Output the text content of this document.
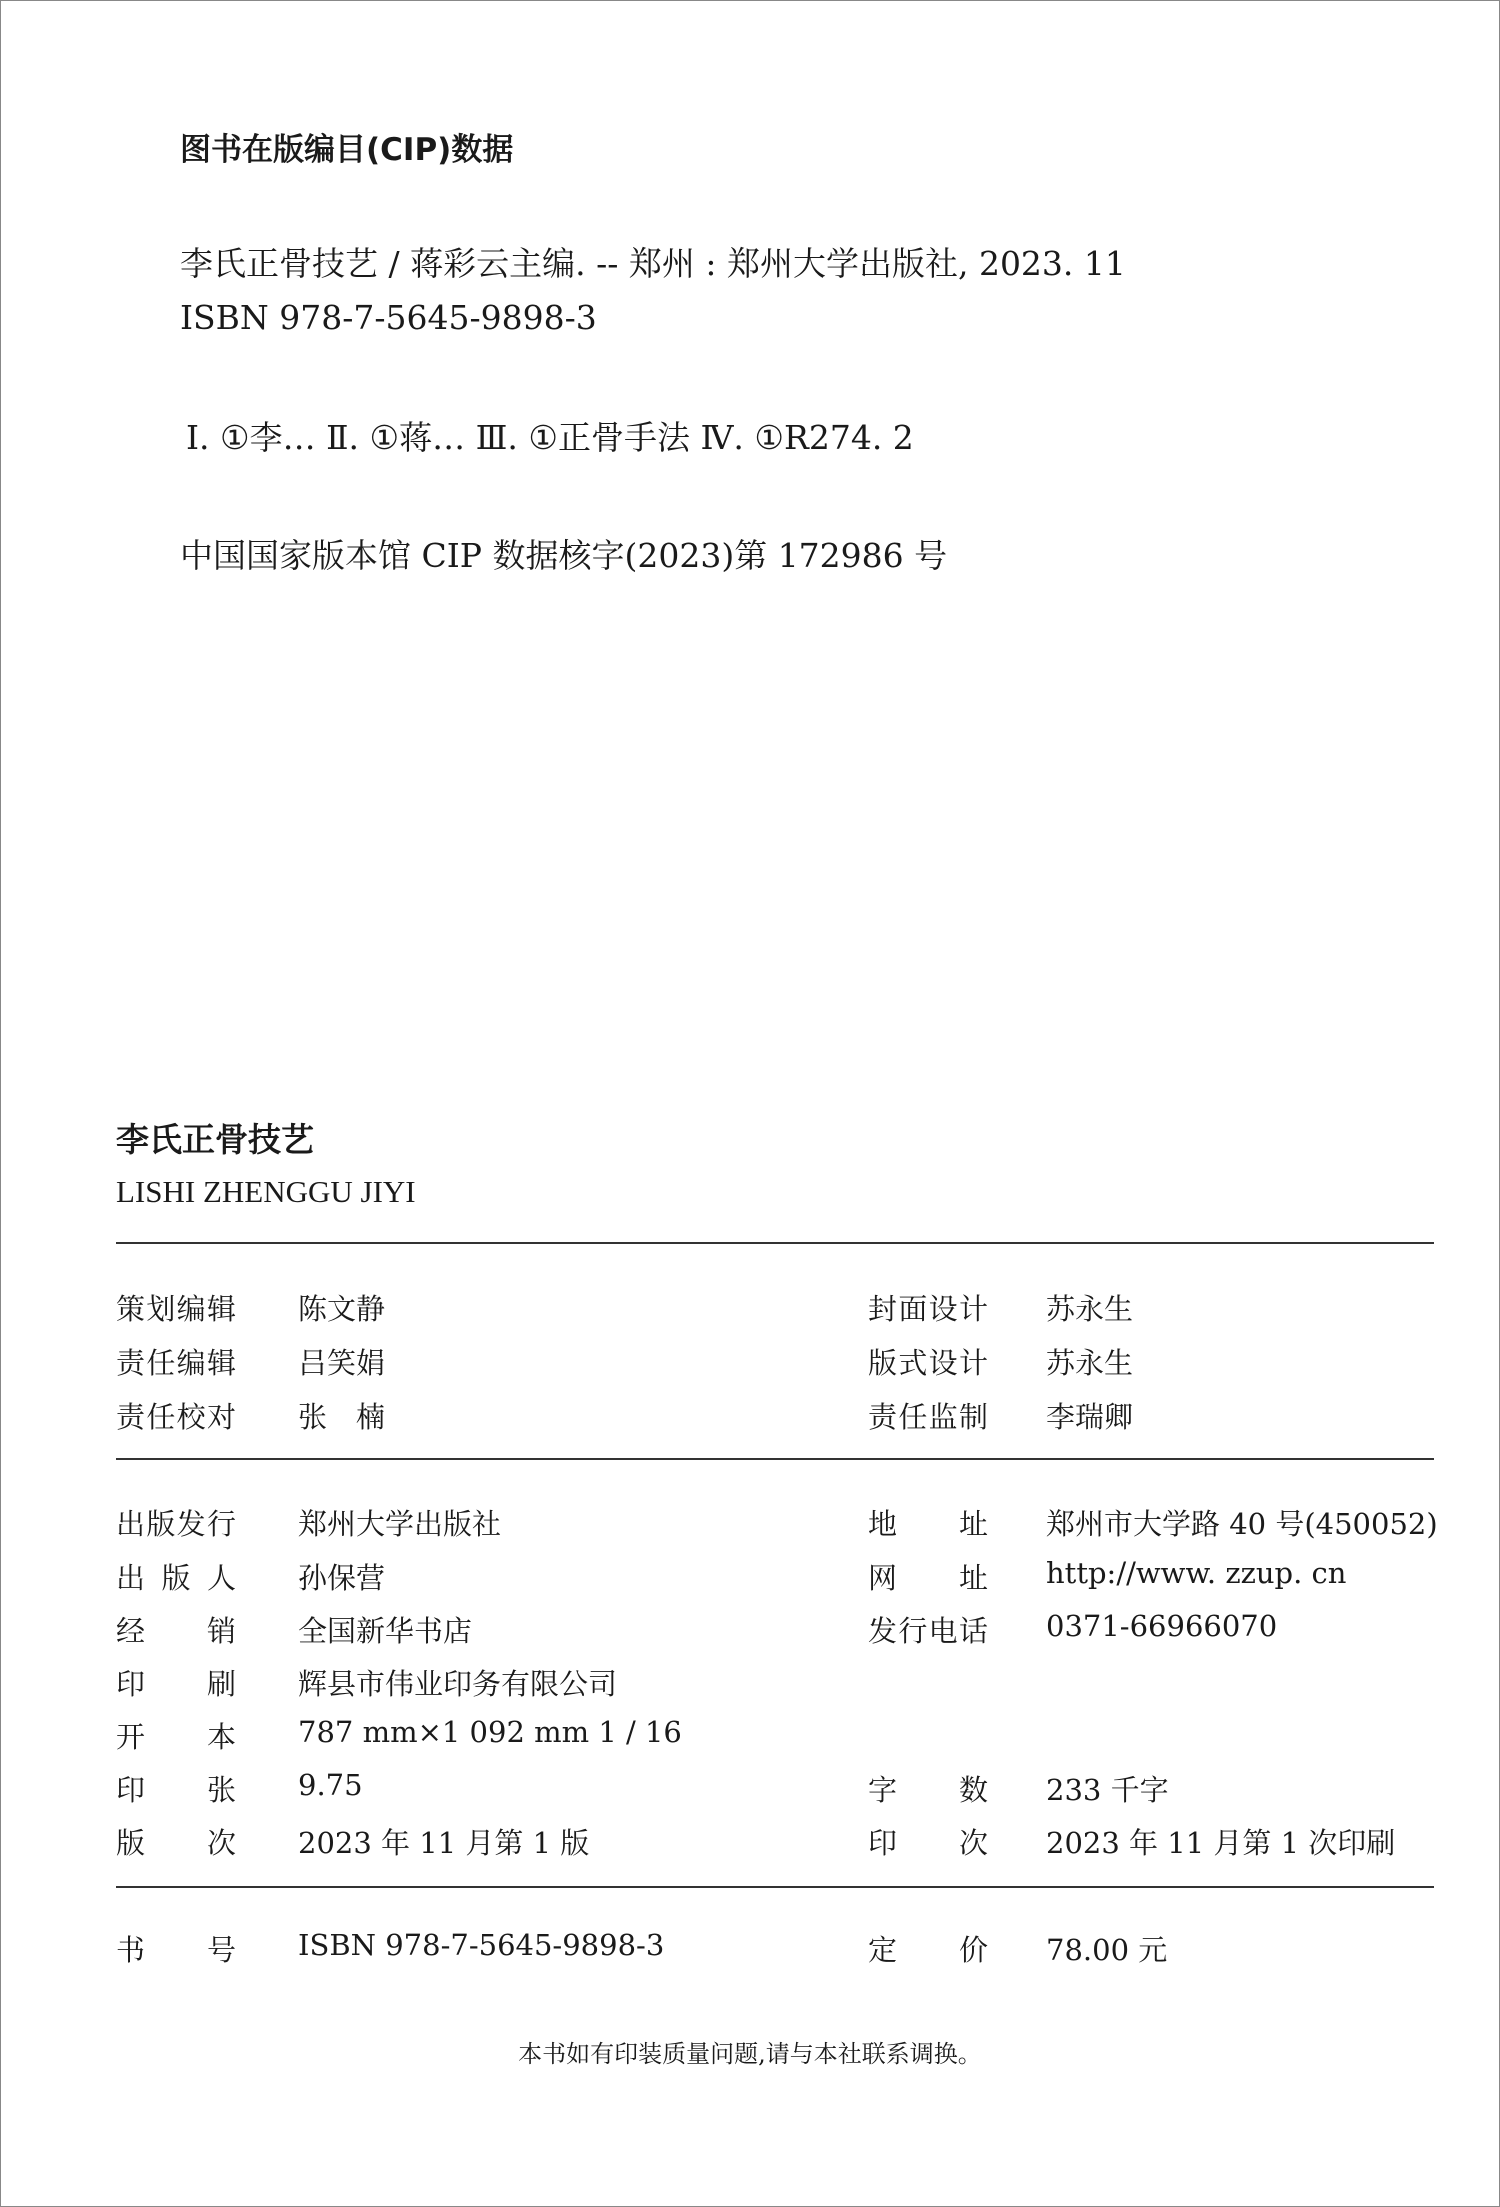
图书在版编目(CIP)数据
李氏正骨技艺 / 蒋彩云主编. -- 郑州 : 郑州大学出版社, 2023. 11
ISBN 978-7-5645-9898-3
Ⅰ. ①李… Ⅱ. ①蒋… Ⅲ. ①正骨手法 Ⅳ. ①R274. 2
中国国家版本馆 CIP 数据核字(2023)第 172986 号
李氏正骨技艺
LISHI ZHENGGU JIYI
策划编辑 陈文静	封面设计 苏永生
责任编辑 吕笑娟	版式设计 苏永生
责任校对 张　楠	责任监制 李瑞卿
出版发行 郑州大学出版社	地址 郑州市大学路 40 号(450052)
出版人 孙保营	网址 http://www. zzup. cn
经销 全国新华书店	发行电话 0371-66966070
印刷 辉县市伟业印务有限公司
开本 787 mm×1 092 mm 1 / 16
印张 9.75	字数 233 千字
版次 2023 年 11 月第 1 版	印次 2023 年 11 月第 1 次印刷
书号 ISBN 978-7-5645-9898-3	定价 78.00 元
本书如有印装质量问题,请与本社联系调换。
